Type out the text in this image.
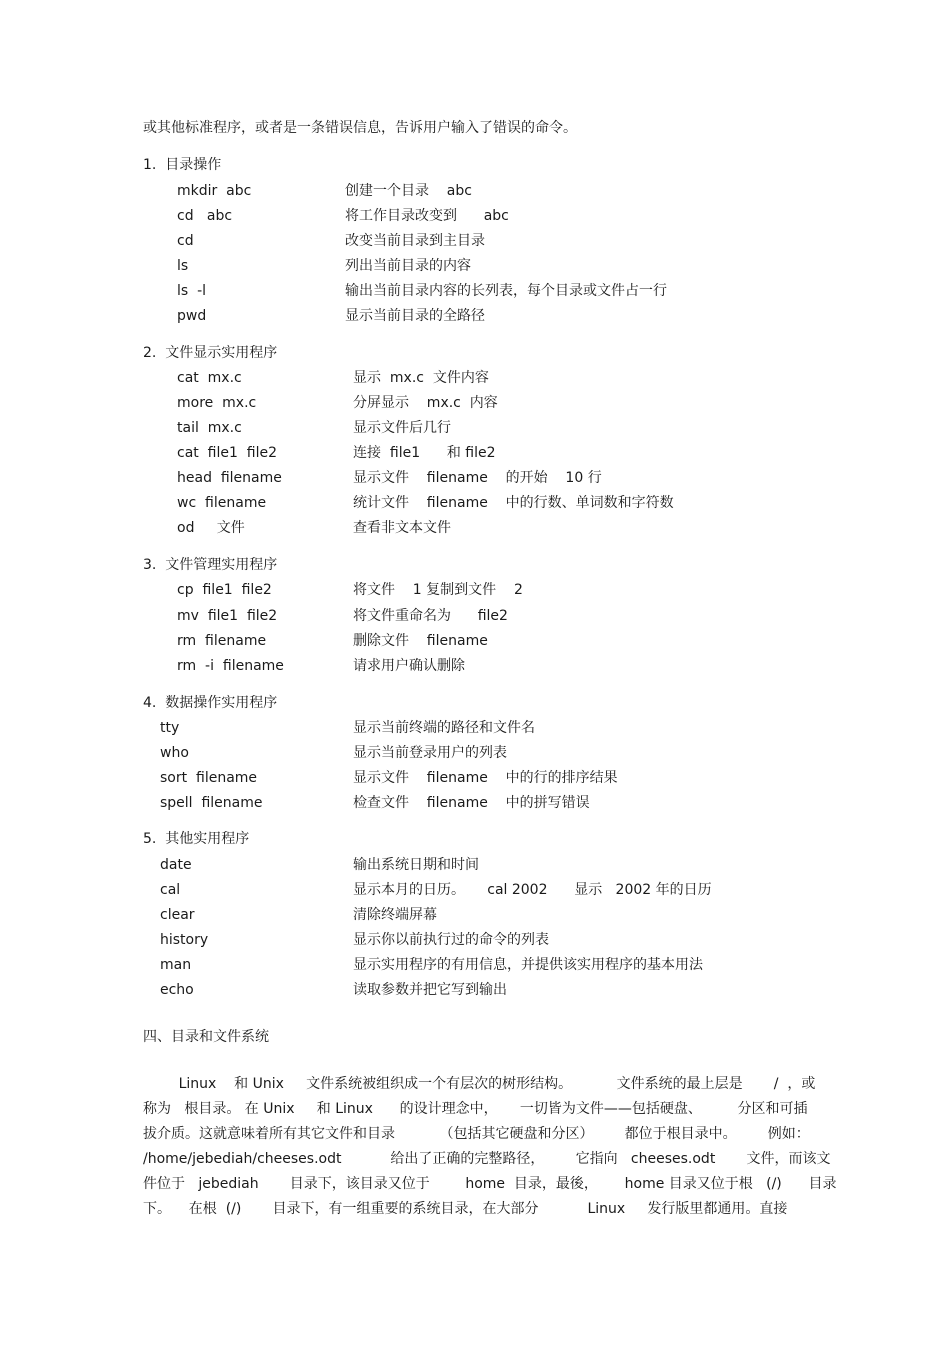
或其他标准程序，或者是一条错误信息，告诉用户输入了错误的命令。
1.  目录操作
mkdir  abc	创建一个目录    abc
cd   abc	将工作目录改变到      abc
cd	改变当前目录到主目录
ls	列出当前目录的内容
ls  -l	输出当前目录内容的长列表，每个目录或文件占一行
pwd	显示当前目录的全路径
2.  文件显示实用程序
cat  mx.c	显示  mx.c  文件内容
more  mx.c	分屏显示    mx.c  内容
tail  mx.c	显示文件后几行
cat  file1  file2	连接  file1      和 file2
head  filename	显示文件    filename    的开始    10 行
wc  filename	统计文件    filename    中的行数、单词数和字符数
od     文件	查看非文本文件
3.  文件管理实用程序
cp  file1  file2	将文件    1 复制到文件    2
mv  file1  file2	将文件重命名为      file2
rm  filename	删除文件    filename
rm  -i  filename	请求用户确认删除
4.  数据操作实用程序
tty	显示当前终端的路径和文件名
who	显示当前登录用户的列表
sort  filename	显示文件    filename    中的行的排序结果
spell  filename	检查文件    filename    中的拼写错误
5.  其他实用程序
date	输出系统日期和时间
cal	显示本月的日历。     cal 2002      显示   2002 年的日历
clear	清除终端屏幕
history	显示你以前执行过的命令的列表
man	显示实用程序的有用信息，并提供该实用程序的基本用法
echo	读取参数并把它写到输出
四、目录和文件系统
Linux    和 Unix     文件系统被组织成一个有层次的树形结构。          文件系统的最上层是       /  ，或
称为   根目录。 在 Unix     和 Linux      的设计理念中，     一切皆为文件——包括硬盘、        分区和可插
拔介质。这就意味着所有其它文件和目录          （包括其它硬盘和分区）       都位于根目录中。       例如：
/home/jebediah/cheeses.odt           给出了正确的完整路径，       它指向   cheeses.odt       文件，而该文
件位于   jebediah       目录下，该目录又位于        home  目录，最後，      home 目录又位于根   (/)      目录
下。    在根  (/)       目录下，有一组重要的系统目录，在大部分           Linux     发行版里都通用。直接
